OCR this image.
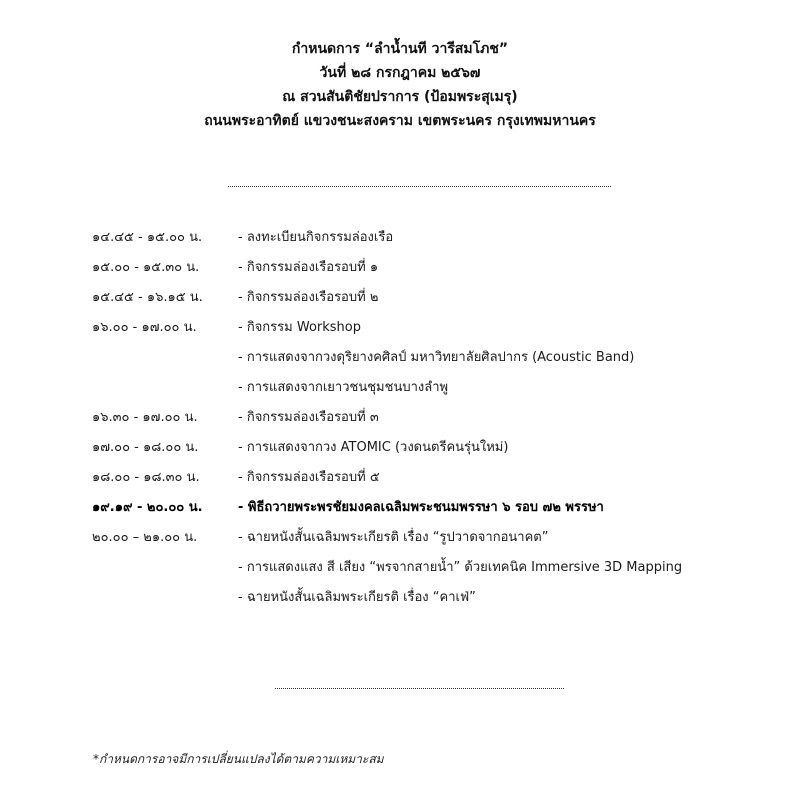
กำหนดการ “ลำน้ำนที วารีสมโภช”
วันที่ ๒๘ กรกฎาคม ๒๕๖๗
ณ สวนสันติชัยปราการ (ป้อมพระสุเมรุ)
ถนนพระอาทิตย์ แขวงชนะสงคราม เขตพระนคร กรุงเทพมหานคร
๑๔.๔๕ - ๑๕.๐๐ น.	- ลงทะเบียนกิจกรรมล่องเรือ
๑๕.๐๐ - ๑๕.๓๐ น.	- กิจกรรมล่องเรือรอบที่ ๑
๑๕.๔๕ - ๑๖.๑๕ น.	- กิจกรรมล่องเรือรอบที่ ๒
๑๖.๐๐ - ๑๗.๐๐ น.	- กิจกรรม Workshop
- การแสดงจากวงดุริยางคศิลป์ มหาวิทยาลัยศิลปากร (Acoustic Band)
- การแสดงจากเยาวชนชุมชนบางลำพู
๑๖.๓๐ - ๑๗.๐๐ น.	- กิจกรรมล่องเรือรอบที่ ๓
๑๗.๐๐ - ๑๘.๐๐ น.	- การแสดงจากวง ATOMIC (วงดนตรีคนรุ่นใหม่)
๑๘.๐๐ - ๑๘.๓๐ น.	- กิจกรรมล่องเรือรอบที่ ๕
๑๙.๑๙ - ๒๐.๐๐ น.	- พิธีถวายพระพรชัยมงคลเฉลิมพระชนมพรรษา ๖ รอบ ๗๒ พรรษา
๒๐.๐๐ – ๒๑.๐๐ น.	- ฉายหนังสั้นเฉลิมพระเกียรติ เรื่อง “รูปวาดจากอนาคต”
- การแสดงแสง สี เสียง “พรจากสายน้ำ” ด้วยเทคนิค Immersive 3D Mapping
- ฉายหนังสั้นเฉลิมพระเกียรติ เรื่อง “คาเฟ่”
*กำหนดการอาจมีการเปลี่ยนแปลงได้ตามความเหมาะสม
